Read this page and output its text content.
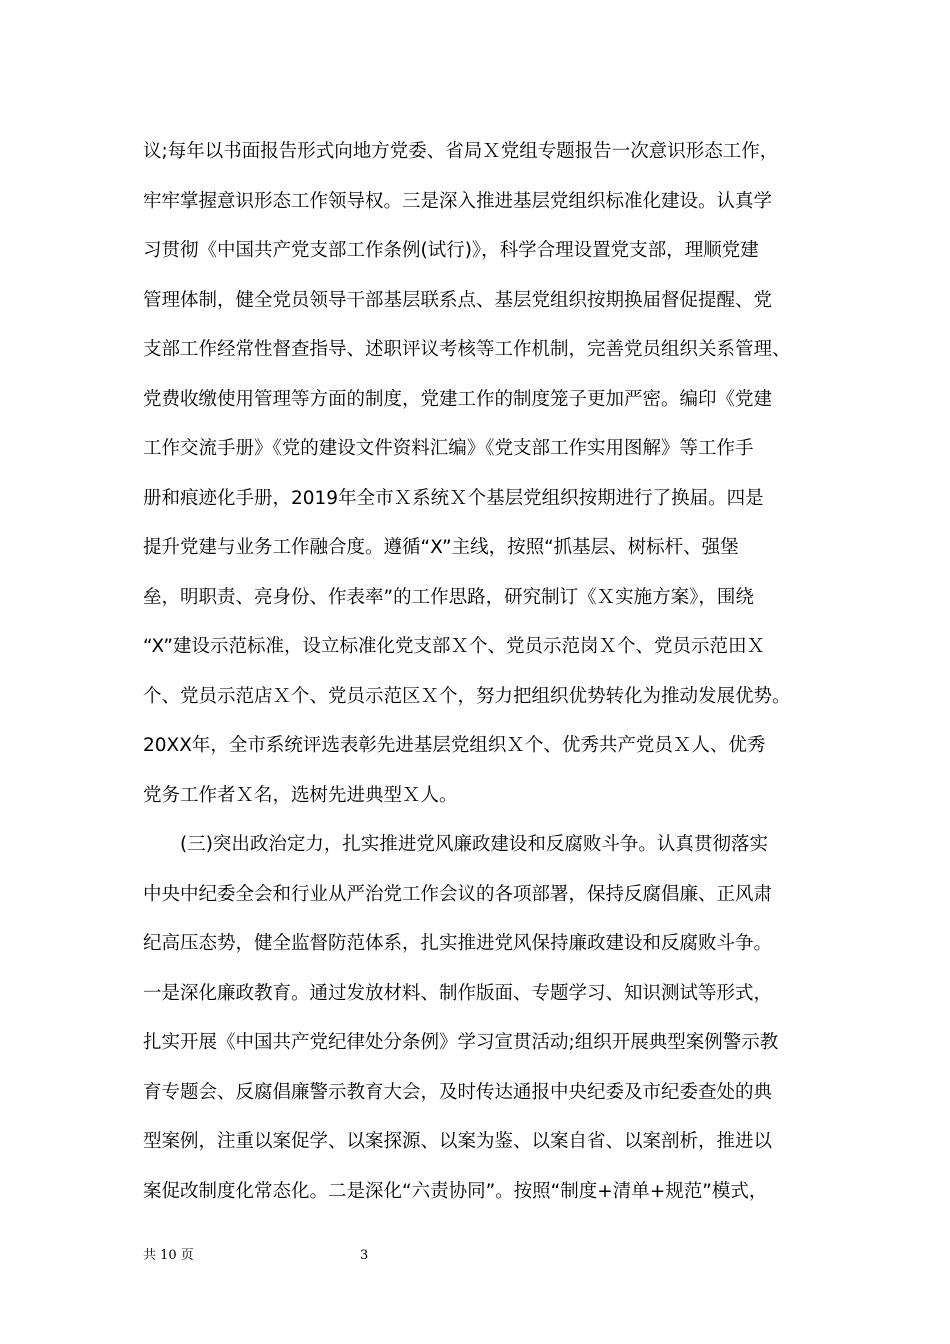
议;每年以书面报告形式向地方党委、省局Ｘ党组专题报告一次意识形态工作，
牢牢掌握意识形态工作领导权。三是深入推进基层党组织标准化建设。认真学
习贯彻《中国共产党支部工作条例(试行)》，科学合理设置党支部，理顺党建
管理体制，健全党员领导干部基层联系点、基层党组织按期换届督促提醒、党
支部工作经常性督查指导、述职评议考核等工作机制，完善党员组织关系管理、
党费收缴使用管理等方面的制度，党建工作的制度笼子更加严密。编印《党建
工作交流手册》《党的建设文件资料汇编》《党支部工作实用图解》等工作手
册和痕迹化手册，2019年全市Ｘ系统Ｘ个基层党组织按期进行了换届。四是
提升党建与业务工作融合度。遵循“X”主线，按照“抓基层、树标杆、强堡
垒，明职责、亮身份、作表率”的工作思路，研究制订《Ｘ实施方案》，围绕
“X”建设示范标准，设立标准化党支部Ｘ个、党员示范岗Ｘ个、党员示范田Ｘ
个、党员示范店Ｘ个、党员示范区Ｘ个，努力把组织优势转化为推动发展优势。
20XX年，全市系统评选表彰先进基层党组织Ｘ个、优秀共产党员Ｘ人、优秀
党务工作者Ｘ名，选树先进典型Ｘ人。
(三)突出政治定力，扎实推进党风廉政建设和反腐败斗争。认真贯彻落实
中央中纪委全会和行业从严治党工作会议的各项部署，保持反腐倡廉、正风肃
纪高压态势，健全监督防范体系，扎实推进党风保持廉政建设和反腐败斗争。
一是深化廉政教育。通过发放材料、制作版面、专题学习、知识测试等形式，
扎实开展《中国共产党纪律处分条例》学习宣贯活动;组织开展典型案例警示教
育专题会、反腐倡廉警示教育大会，及时传达通报中央纪委及市纪委查处的典
型案例，注重以案促学、以案探源、以案为鉴、以案自省、以案剖析，推进以
案促改制度化常态化。二是深化“六责协同”。按照“制度+清单+规范”模式，
共 10 页	3
